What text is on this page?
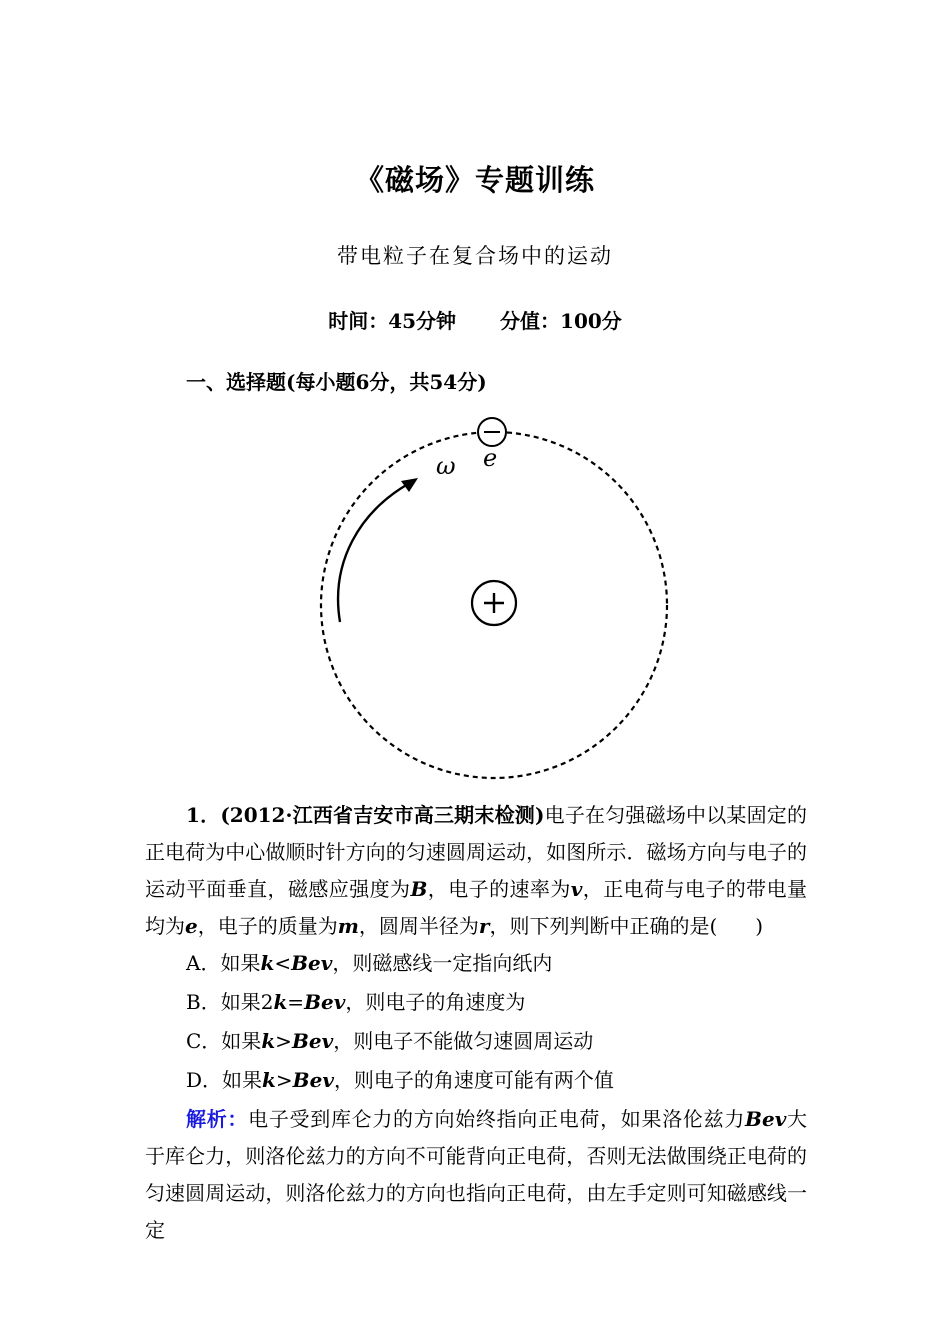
《磁场》专题训练
带电粒子在复合场中的运动
时间：45分钟 分值：100分
一、选择题(每小题6分，共54分)
ω e
1．(2012·江西省吉安市高三期末检测)电子在匀强磁场中以某固定的正电荷为中心做顺时针方向的匀速圆周运动，如图所示．磁场方向与电子的运动平面垂直，磁感应强度为B，电子的速率为v，正电荷与电子的带电量均为e，电子的质量为m，圆周半径为r，则下列判断中正确的是( )
A．如果k<Bev，则磁感线一定指向纸内
B．如果2k=Bev，则电子的角速度为
C．如果k>Bev，则电子不能做匀速圆周运动
D．如果k>Bev，则电子的角速度可能有两个值
解析：电子受到库仑力的方向始终指向正电荷，如果洛伦兹力Bev大于库仑力，则洛伦兹力的方向不可能背向正电荷，否则无法做围绕正电荷的匀速圆周运动，则洛伦兹力的方向也指向正电荷，由左手定则可知磁感线一定
